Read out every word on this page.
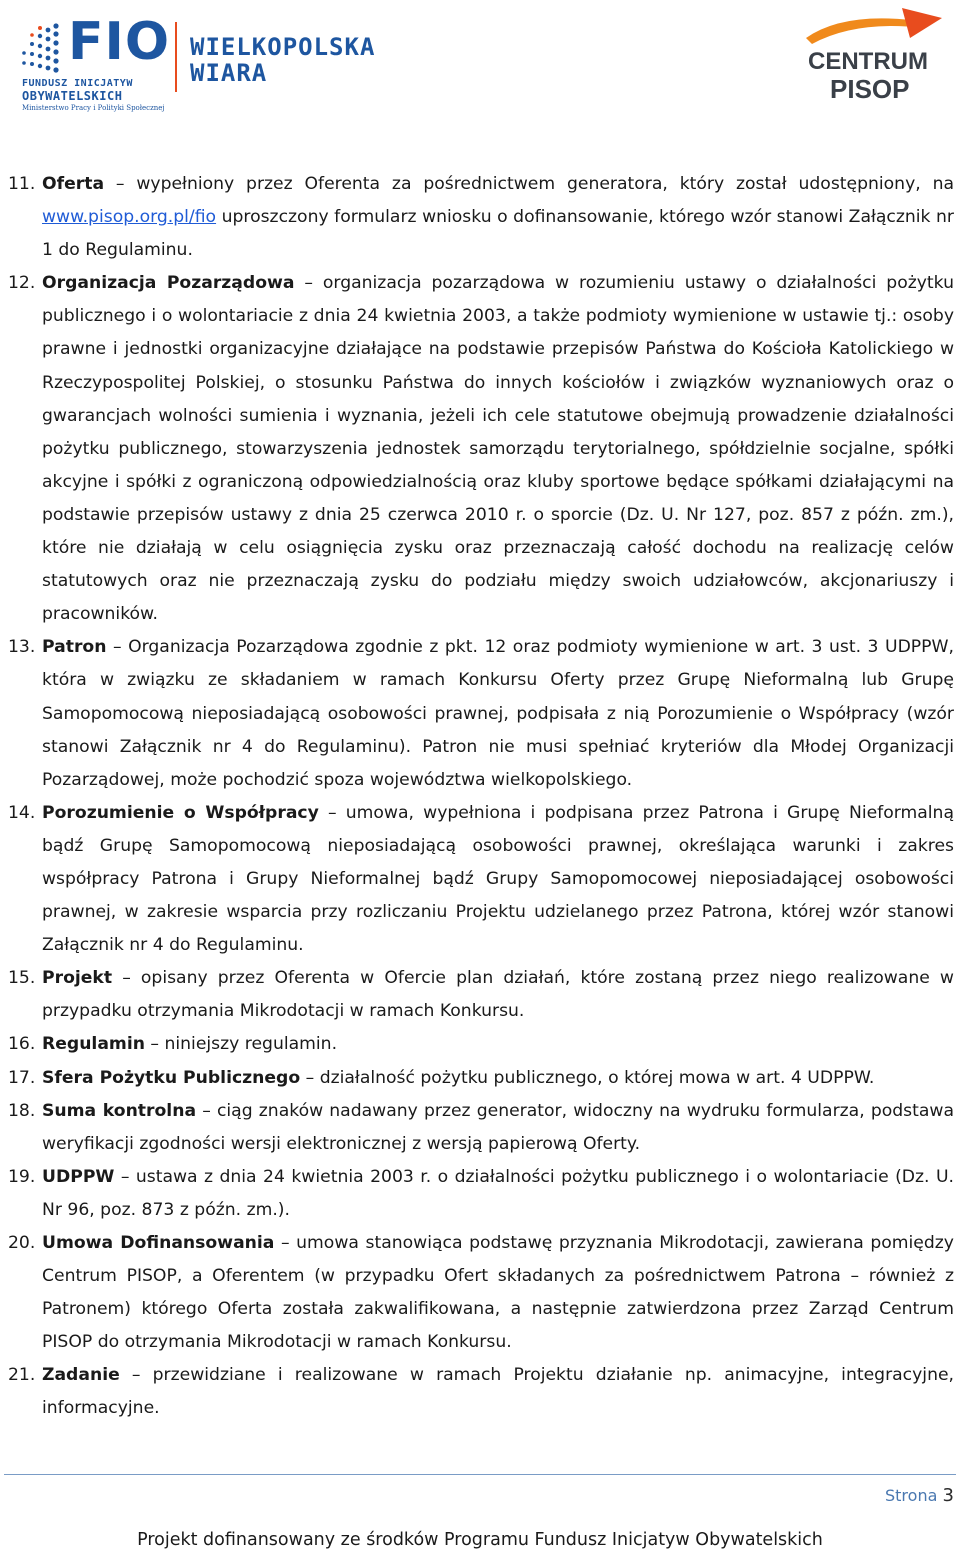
FIO
FUNDUSZ INICJATYW
OBYWATELSKICH
Ministerstwo Pracy i Polityki Społecznej
WIELKOPOLSKA
WIARA	CENTRUM
PISOP
11. Oferta – wypełniony przez Oferenta za pośrednictwem generatora, który został udostępniony, na www.pisop.org.pl/fio uproszczony formularz wniosku o dofinansowanie, którego wzór stanowi Załącznik nr 1 do Regulaminu.
12. Organizacja Pozarządowa – organizacja pozarządowa w rozumieniu ustawy o działalności pożytku publicznego i o wolontariacie z dnia 24 kwietnia 2003, a także podmioty wymienione w ustawie tj.: osoby prawne i jednostki organizacyjne działające na podstawie przepisów Państwa do Kościoła Katolickiego w Rzeczypospolitej Polskiej, o stosunku Państwa do innych kościołów i związków wyznaniowych oraz o gwarancjach wolności sumienia i wyznania, jeżeli ich cele statutowe obejmują prowadzenie działalności pożytku publicznego, stowarzyszenia jednostek samorządu terytorialnego, spółdzielnie socjalne, spółki akcyjne i spółki z ograniczoną odpowiedzialnością oraz kluby sportowe będące spółkami działającymi na podstawie przepisów ustawy z dnia 25 czerwca 2010 r. o sporcie (Dz. U. Nr 127, poz. 857 z późn. zm.), które nie działają w celu osiągnięcia zysku oraz przeznaczają całość dochodu na realizację celów statutowych oraz nie przeznaczają zysku do podziału między swoich udziałowców, akcjonariuszy i pracowników.
13. Patron – Organizacja Pozarządowa zgodnie z pkt. 12 oraz podmioty wymienione w art. 3 ust. 3 UDPPW, która w związku ze składaniem w ramach Konkursu Oferty przez Grupę Nieformalną lub Grupę Samopomocową nieposiadającą osobowości prawnej, podpisała z nią Porozumienie o Współpracy (wzór stanowi Załącznik nr 4 do Regulaminu). Patron nie musi spełniać kryteriów dla Młodej Organizacji Pozarządowej, może pochodzić spoza województwa wielkopolskiego.
14. Porozumienie o Współpracy – umowa, wypełniona i podpisana przez Patrona i Grupę Nieformalną bądź Grupę Samopomocową nieposiadającą osobowości prawnej, określająca warunki i zakres współpracy Patrona i Grupy Nieformalnej bądź Grupy Samopomocowej nieposiadającej osobowości prawnej, w zakresie wsparcia przy rozliczaniu Projektu udzielanego przez Patrona, której wzór stanowi Załącznik nr 4 do Regulaminu.
15. Projekt – opisany przez Oferenta w Ofercie plan działań, które zostaną przez niego realizowane w przypadku otrzymania Mikrodotacji w ramach Konkursu.
16. Regulamin – niniejszy regulamin.
17. Sfera Pożytku Publicznego – działalność pożytku publicznego, o której mowa w art. 4 UDPPW.
18. Suma kontrolna – ciąg znaków nadawany przez generator, widoczny na wydruku formularza, podstawa weryfikacji zgodności wersji elektronicznej z wersją papierową Oferty.
19. UDPPW – ustawa z dnia 24 kwietnia 2003 r. o działalności pożytku publicznego i o wolontariacie (Dz. U. Nr 96, poz. 873 z późn. zm.).
20. Umowa Dofinansowania – umowa stanowiąca podstawę przyznania Mikrodotacji, zawierana pomiędzy Centrum PISOP, a Oferentem (w przypadku Ofert składanych za pośrednictwem Patrona – również z Patronem) którego Oferta została zakwalifikowana, a następnie zatwierdzona przez Zarząd Centrum PISOP do otrzymania Mikrodotacji w ramach Konkursu.
21. Zadanie – przewidziane i realizowane w ramach Projektu działanie np. animacyjne, integracyjne, informacyjne.
Strona 3
Projekt dofinansowany ze środków Programu Fundusz Inicjatyw Obywatelskich
